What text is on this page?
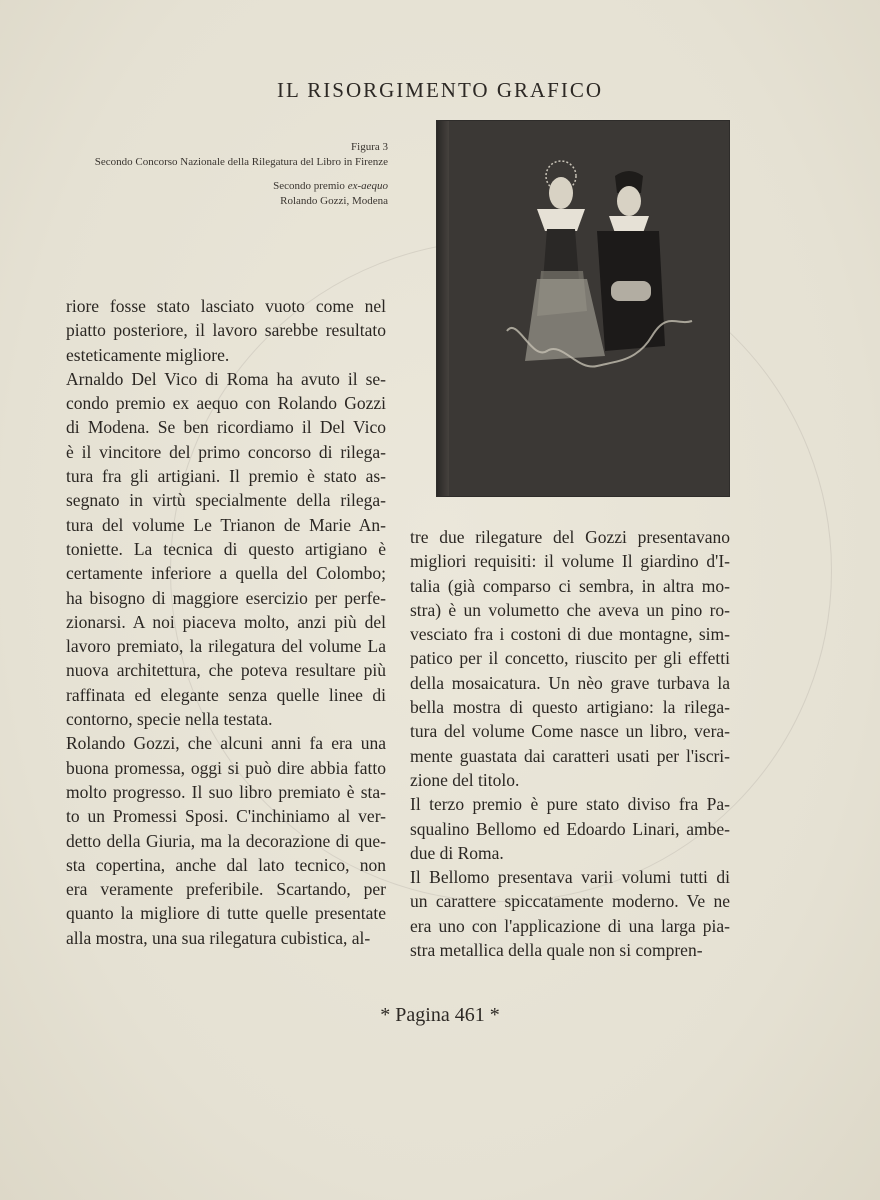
IL RISORGIMENTO GRAFICO
Figura 3
Secondo Concorso Nazionale della Rilegatura del Libro in Firenze
Secondo premio ex-aequo
Rolando Gozzi, Modena
riore fosse stato lasciato vuoto come nel
piatto posteriore, il lavoro sarebbe resultato
esteticamente migliore.
Arnaldo Del Vico di Roma ha avuto il se-
condo premio ex aequo con Rolando Gozzi
di Modena. Se ben ricordiamo il Del Vico
è il vincitore del primo concorso di rilega-
tura fra gli artigiani. Il premio è stato as-
segnato in virtù specialmente della rilega-
tura del volume Le Trianon de Marie An-
toniette. La tecnica di questo artigiano è
certamente inferiore a quella del Colombo;
ha bisogno di maggiore esercizio per perfe-
zionarsi. A noi piaceva molto, anzi più del
lavoro premiato, la rilegatura del volume La
nuova architettura, che poteva resultare più
raffinata ed elegante senza quelle linee di
contorno, specie nella testata.
Rolando Gozzi, che alcuni anni fa era una
buona promessa, oggi si può dire abbia fatto
molto progresso. Il suo libro premiato è sta-
to un Promessi Sposi. C'inchiniamo al ver-
detto della Giuria, ma la decorazione di que-
sta copertina, anche dal lato tecnico, non
era veramente preferibile. Scartando, per
quanto la migliore di tutte quelle presentate
alla mostra, una sua rilegatura cubistica, al-
tre due rilegature del Gozzi presentavano
migliori requisiti: il volume Il giardino d'I-
talia (già comparso ci sembra, in altra mo-
stra) è un volumetto che aveva un pino ro-
vesciato fra i costoni di due montagne, sim-
patico per il concetto, riuscito per gli effetti
della mosaicatura. Un nèo grave turbava la
bella mostra di questo artigiano: la rilega-
tura del volume Come nasce un libro, vera-
mente guastata dai caratteri usati per l'iscri-
zione del titolo.
Il terzo premio è pure stato diviso fra Pa-
squalino Bellomo ed Edoardo Linari, ambe-
due di Roma.
Il Bellomo presentava varii volumi tutti di
un carattere spiccatamente moderno. Ve ne
era uno con l'applicazione di una larga pia-
stra metallica della quale non si compren-
* Pagina 461 *
